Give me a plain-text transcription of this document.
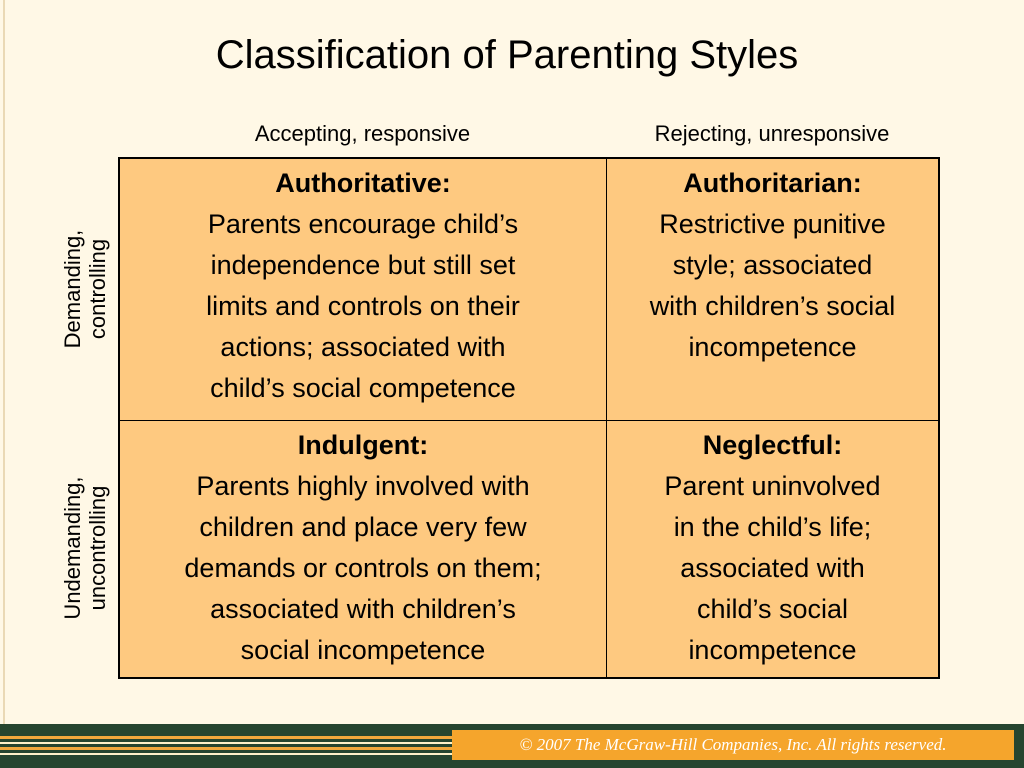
Classification of Parenting Styles
Accepting, responsive	Rejecting, unresponsive
Demanding, controlling
Undemanding, uncontrolling
Authoritative:
Parents encourage child’s
independence but still set
limits and controls on their
actions; associated with
child’s social competence
Authoritarian:
Restrictive punitive
style; associated
with children’s social
incompetence
Indulgent:
Parents highly involved with
children and place very few
demands or controls on them;
associated with children’s
social incompetence
Neglectful:
Parent uninvolved
in the child’s life;
associated with
child’s social
incompetence
© 2007 The McGraw-Hill Companies, Inc. All rights reserved.
